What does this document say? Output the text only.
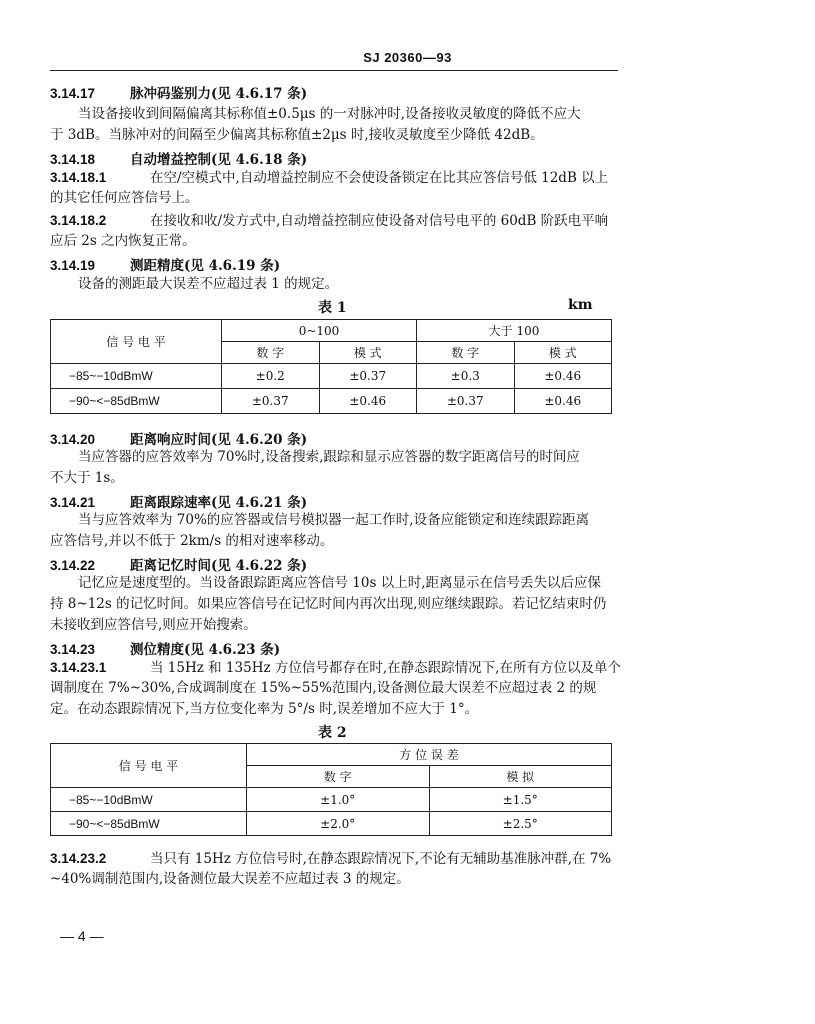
SJ 20360—93
3.14.17	脉冲码鉴别力(见 4.6.17 条)
当设备接收到间隔偏离其标称值±0.5μs 的一对脉冲时,设备接收灵敏度的降低不应大
于 3dB。当脉冲对的间隔至少偏离其标称值±2μs 时,接收灵敏度至少降低 42dB。
3.14.18	自动增益控制(见 4.6.18 条)
3.14.18.1	在空/空模式中,自动增益控制应不会使设备锁定在比其应答信号低 12dB 以上
的其它任何应答信号上。
3.14.18.2	在接收和收/发方式中,自动增益控制应使设备对信号电平的 60dB 阶跃电平响
应后 2s 之内恢复正常。
3.14.19	测距精度(见 4.6.19 条)
设备的测距最大误差不应超过表 1 的规定。
表 1	km
信 号 电 平	0~100		大于 100	
	数 字	模 式	数 字	模 式
−85~−10dBmW	±0.2	±0.37	±0.3	±0.46
−90~<−85dBmW	±0.37	±0.46	±0.37	±0.46
3.14.20	距离响应时间(见 4.6.20 条)
当应答器的应答效率为 70%时,设备搜索,跟踪和显示应答器的数字距离信号的时间应
不大于 1s。
3.14.21	距离跟踪速率(见 4.6.21 条)
当与应答效率为 70%的应答器或信号模拟器一起工作时,设备应能锁定和连续跟踪距离
应答信号,并以不低于 2km/s 的相对速率移动。
3.14.22	距离记忆时间(见 4.6.22 条)
记忆应是速度型的。当设备跟踪距离应答信号 10s 以上时,距离显示在信号丢失以后应保
持 8~12s 的记忆时间。如果应答信号在记忆时间内再次出现,则应继续跟踪。若记忆结束时仍
未接收到应答信号,则应开始搜索。
3.14.23	测位精度(见 4.6.23 条)
3.14.23.1	当 15Hz 和 135Hz 方位信号都存在时,在静态跟踪情况下,在所有方位以及单个
调制度在 7%~30%,合成调制度在 15%~55%范围内,设备测位最大误差不应超过表 2 的规
定。在动态跟踪情况下,当方位变化率为 5°/s 时,误差增加不应大于 1°。
表 2
信 号 电 平	方 位 误 差	
	数 字	模 拟
−85~−10dBmW	±1.0°	±1.5°
−90~<−85dBmW	±2.0°	±2.5°
3.14.23.2	当只有 15Hz 方位信号时,在静态跟踪情况下,不论有无辅助基准脉冲群,在 7%
~40%调制范围内,设备测位最大误差不应超过表 3 的规定。
— 4 —
